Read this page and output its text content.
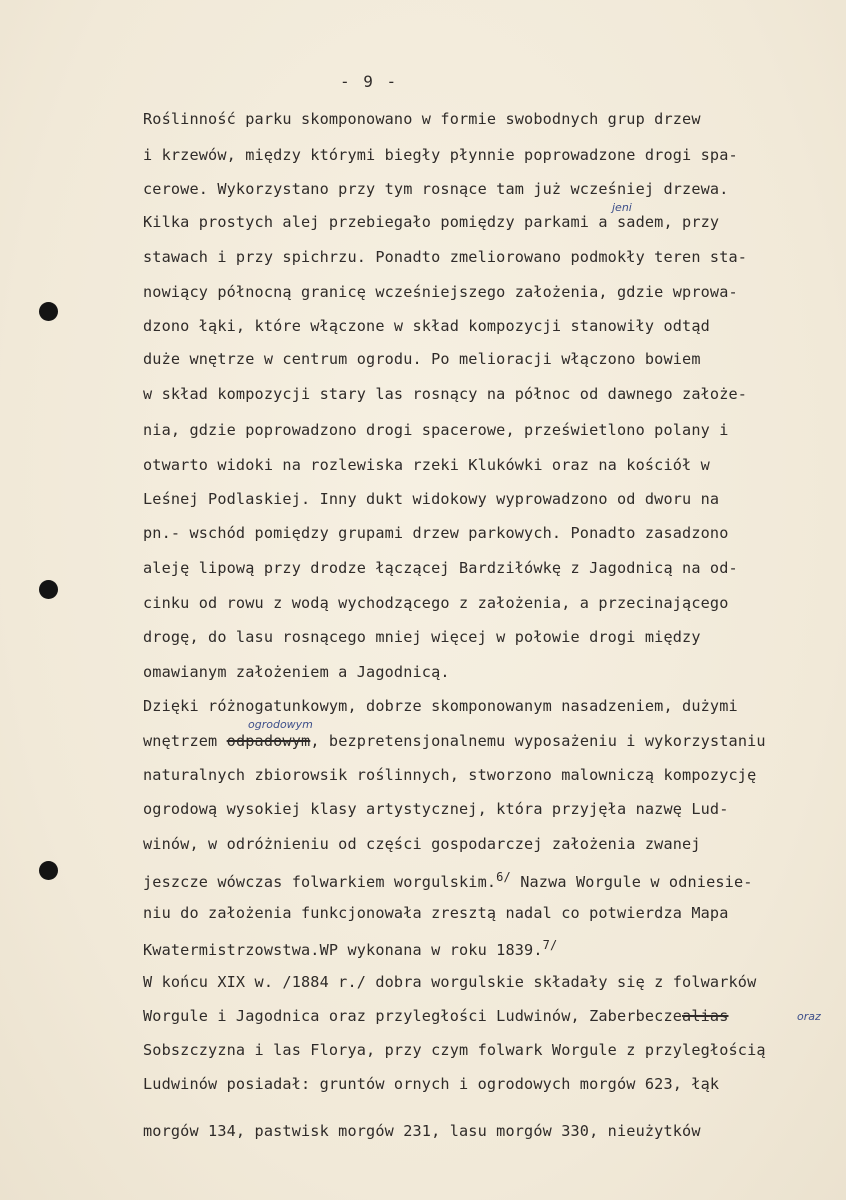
- 9 -
Roślinność parku skomponowano w formie swobodnych grup drzew
i krzewów, między którymi biegły płynnie poprowadzone drogi spa-
cerowe. Wykorzystano przy tym rosnące tam już wcześniej drzewa.
Kilka prostych alej przebiegało pomiędzy parkami a sadem, przy
jeni
stawach i przy spichrzu. Ponadto zmeliorowano podmokły teren sta-
nowiący północną granicę wcześniejszego założenia, gdzie wprowa-
dzono łąki, które włączone w skład kompozycji stanowiły odtąd
duże wnętrze w centrum ogrodu. Po melioracji włączono bowiem
w skład kompozycji stary las rosnący na północ od dawnego założe-
nia, gdzie poprowadzono drogi spacerowe, prześwietlono polany i
otwarto widoki na rozlewiska rzeki Klukówki oraz na kościół w
Leśnej Podlaskiej. Inny dukt widokowy wyprowadzono od dworu na
pn.- wschód pomiędzy grupami drzew parkowych. Ponadto zasadzono
aleję lipową przy drodze łączącej Bardziłówkę z Jagodnicą na od-
cinku od rowu z wodą wychodzącego z założenia, a przecinającego
drogę, do lasu rosnącego mniej więcej w połowie drogi między
omawianym założeniem a Jagodnicą.
Dzięki różnogatunkowym, dobrze skomponowanym nasadzeniem, dużymi
ogrodowym
wnętrzem odpadowym, bezpretensjonalnemu wyposażeniu i wykorzystaniu
naturalnych zbiorowsik roślinnych, stworzono malowniczą kompozycję
ogrodową wysokiej klasy artystycznej, która przyjęła nazwę Lud-
winów, w odróżnieniu od części gospodarczej założenia zwanej
jeszcze wówczas folwarkiem worgulskim.$^{6/}$ Nazwa Worgule w odniesie-
niu do założenia funkcjonowała zresztą nadal co potwierdza Mapa
Kwatermistrzowstwa.WP wykonana w roku 1839.$^{7/}$
W końcu XIX w. /1884 r./ dobra worgulskie składały się z folwarków
Worgule i Jagodnica oraz przyległości Ludwinów, Zaberbeczealias	oraz
Sobszczyzna i las Florya, przy czym folwark Worgule z przyległością
Ludwinów posiadał: gruntów ornych i ogrodowych morgów 623, łąk
morgów 134, pastwisk morgów 231, lasu morgów 330, nieużytków
